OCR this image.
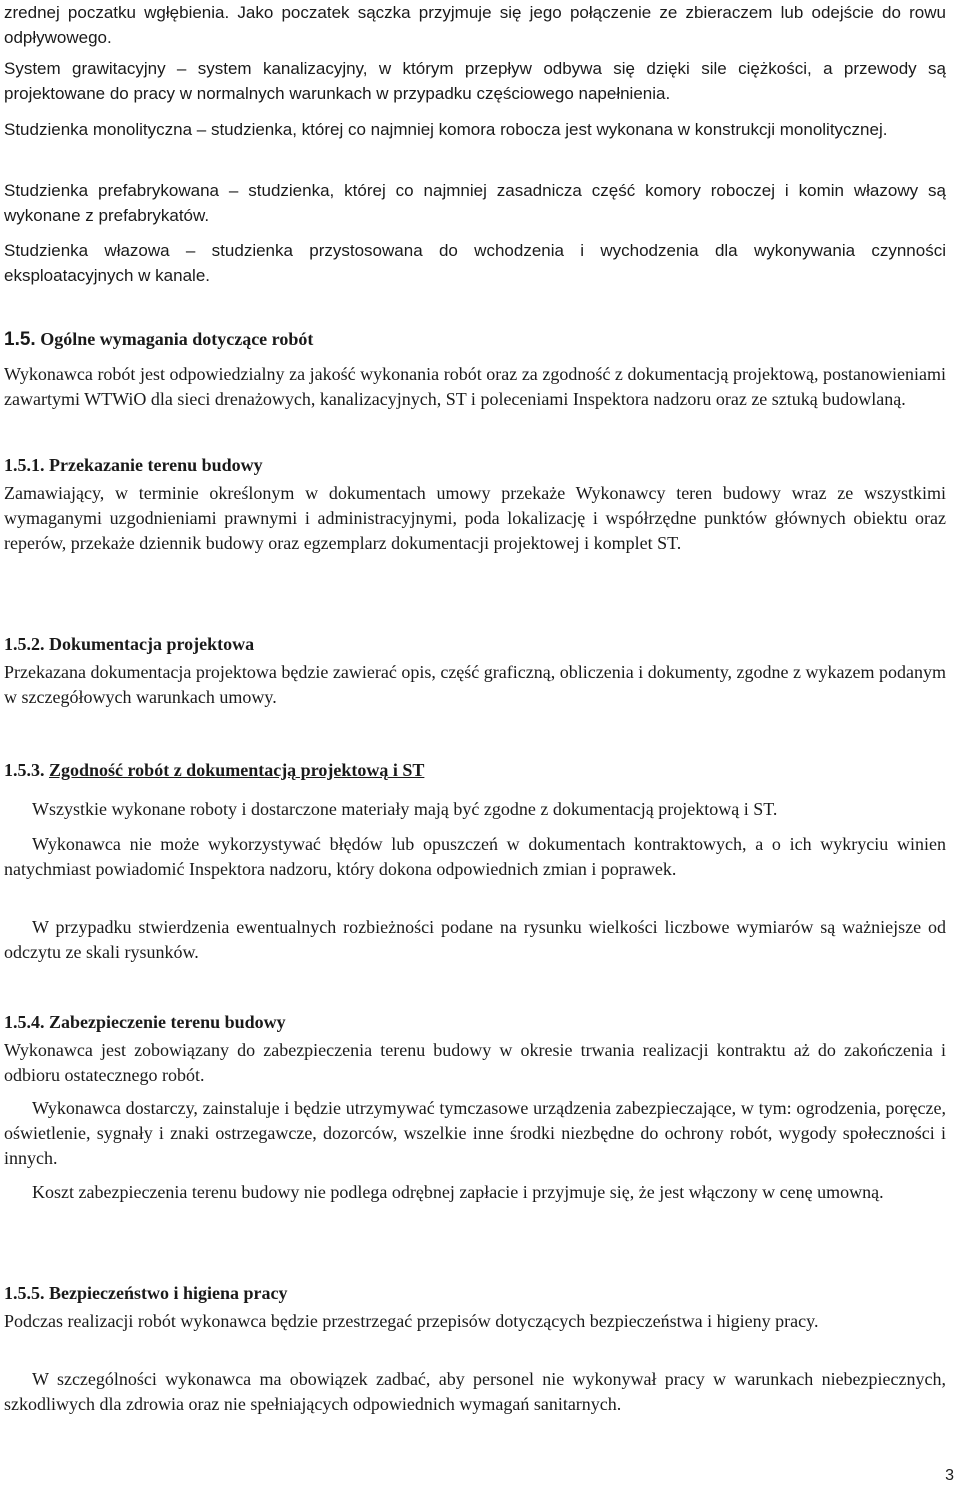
zrednej poczatku wgłębienia. Jako poczatek sączka przyjmuje się jego połączenie ze zbieraczem lub odejście do rowu odpływowego.

System grawitacyjny – system kanalizacyjny, w którym przepływ odbywa się dzięki sile ciężkości, a przewody są projektowane do pracy w normalnych warunkach w przypadku częściowego napełnienia.

Studzienka monolityczna – studzienka, której co najmniej komora robocza jest wykonana w konstrukcji monolitycznej.

Studzienka prefabrykowana – studzienka, której co najmniej zasadnicza część komory roboczej i komin włazowy są wykonane z prefabrykatów.

Studzienka włazowa – studzienka przystosowana do wchodzenia i wychodzenia dla wykonywania czynności eksploatacyjnych w kanale.

1.5. Ogólne wymagania dotyczące robót

Wykonawca robót jest odpowiedzialny za jakość wykonania robót oraz za zgodność z dokumentacją projektową, postanowieniami zawartymi WTWiO dla sieci drenażowych, kanalizacyjnych, ST i poleceniami Inspektora nadzoru oraz ze sztuką budowlaną.

1.5.1. Przekazanie terenu budowy

Zamawiający, w terminie określonym w dokumentach umowy przekaże Wykonawcy teren budowy wraz ze wszystkimi wymaganymi uzgodnieniami prawnymi i administracyjnymi, poda lokalizację i współrzędne punktów głównych obiektu oraz reperów, przekaże dziennik budowy oraz egzemplarz dokumentacji projektowej i komplet ST.

1.5.2. Dokumentacja projektowa

Przekazana dokumentacja projektowa będzie zawierać opis, część graficzną, obliczenia i dokumenty, zgodne z wykazem podanym w szczegółowych warunkach umowy.

1.5.3. Zgodność robót z dokumentacją projektową i ST

Wszystkie wykonane roboty i dostarczone materiały mają być zgodne z dokumentacją projektową i ST.

Wykonawca nie może wykorzystywać błędów lub opuszczeń w dokumentach kontraktowych, a o ich wykryciu winien natychmiast powiadomić Inspektora nadzoru, który dokona odpowiednich zmian i poprawek.

W przypadku stwierdzenia ewentualnych rozbieżności podane na rysunku wielkości liczbowe wymiarów są ważniejsze od odczytu ze skali rysunków.

1.5.4. Zabezpieczenie terenu budowy

Wykonawca jest zobowiązany do zabezpieczenia terenu budowy w okresie trwania realizacji kontraktu aż do zakończenia i odbioru ostatecznego robót.

Wykonawca dostarczy, zainstaluje i będzie utrzymywać tymczasowe urządzenia zabezpieczające, w tym: ogrodzenia, poręcze, oświetlenie, sygnały i znaki ostrzegawcze, dozorców, wszelkie inne środki niezbędne do ochrony robót, wygody społeczności i innych.

Koszt zabezpieczenia terenu budowy nie podlega odrębnej zapłacie i przyjmuje się, że jest włączony w cenę umowną.

1.5.5. Bezpieczeństwo i higiena pracy

Podczas realizacji robót wykonawca będzie przestrzegać przepisów dotyczących bezpieczeństwa i higieny pracy.

W szczególności wykonawca ma obowiązek zadbać, aby personel nie wykonywał pracy w warunkach niebezpiecznych, szkodliwych dla zdrowia oraz nie spełniających odpowiednich wymagań sanitarnych.

3
